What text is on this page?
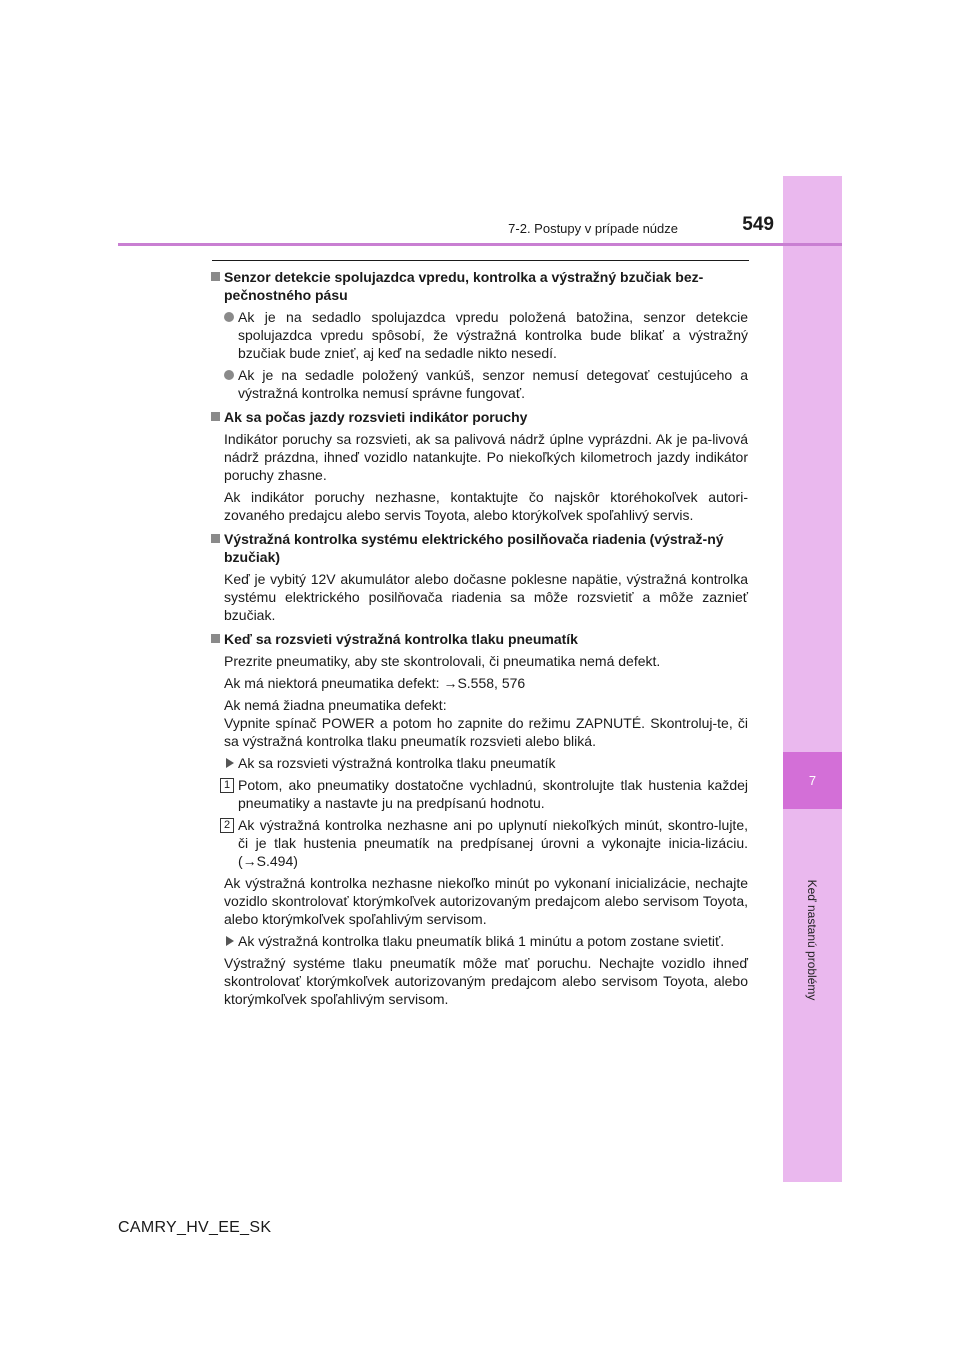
7
Keď nastanú problémy
7-2. Postupy v prípade núdze	549
Senzor detekcie spolujazdca vpredu, kontrolka a výstražný bzučiak bez-pečnostného pásu
Ak je na sedadlo spolujazdca vpredu položená batožina, senzor detekcie spolujazdca vpredu spôsobí, že výstražná kontrolka bude blikať a výstražný bzučiak bude znieť, aj keď na sedadle nikto nesedí.
Ak je na sedadle položený vankúš, senzor nemusí detegovať cestujúceho a výstražná kontrolka nemusí správne fungovať.
Ak sa počas jazdy rozsvieti indikátor poruchy
Indikátor poruchy sa rozsvieti, ak sa palivová nádrž úplne vyprázdni. Ak je pa-livová nádrž prázdna, ihneď vozidlo natankujte. Po niekoľkých kilometroch jazdy indikátor poruchy zhasne.
Ak indikátor poruchy nezhasne, kontaktujte čo najskôr ktoréhokoľvek autori-zovaného predajcu alebo servis Toyota, alebo ktorýkoľvek spoľahlivý servis.
Výstražná kontrolka systému elektrického posilňovača riadenia (výstraž-ný bzučiak)
Keď je vybitý 12V akumulátor alebo dočasne poklesne napätie, výstražná kontrolka systému elektrického posilňovača riadenia sa môže rozsvietiť a môže zaznieť bzučiak.
Keď sa rozsvieti výstražná kontrolka tlaku pneumatík
Prezrite pneumatiky, aby ste skontrolovali, či pneumatika nemá defekt.
Ak má niektorá pneumatika defekt: →S.558, 576
Ak nemá žiadna pneumatika defekt:
Vypnite spínač POWER a potom ho zapnite do režimu ZAPNUTÉ. Skontroluj-te, či sa výstražná kontrolka tlaku pneumatík rozsvieti alebo bliká.
Ak sa rozsvieti výstražná kontrolka tlaku pneumatík
1 Potom, ako pneumatiky dostatočne vychladnú, skontrolujte tlak hustenia každej pneumatiky a nastavte ju na predpísanú hodnotu.
2 Ak výstražná kontrolka nezhasne ani po uplynutí niekoľkých minút, skontro-lujte, či je tlak hustenia pneumatík na predpísanej úrovni a vykonajte inicia-lizáciu. (→S.494)
Ak výstražná kontrolka nezhasne niekoľko minút po vykonaní inicializácie, nechajte vozidlo skontrolovať ktorýmkoľvek autorizovaným predajcom alebo servisom Toyota, alebo ktorýmkoľvek spoľahlivým servisom.
Ak výstražná kontrolka tlaku pneumatík bliká 1 minútu a potom zostane svietiť.
Výstražný systéme tlaku pneumatík môže mať poruchu. Nechajte vozidlo ihneď skontrolovať ktorýmkoľvek autorizovaným predajcom alebo servisom Toyota, alebo ktorýmkoľvek spoľahlivým servisom.
CAMRY_HV_EE_SK
